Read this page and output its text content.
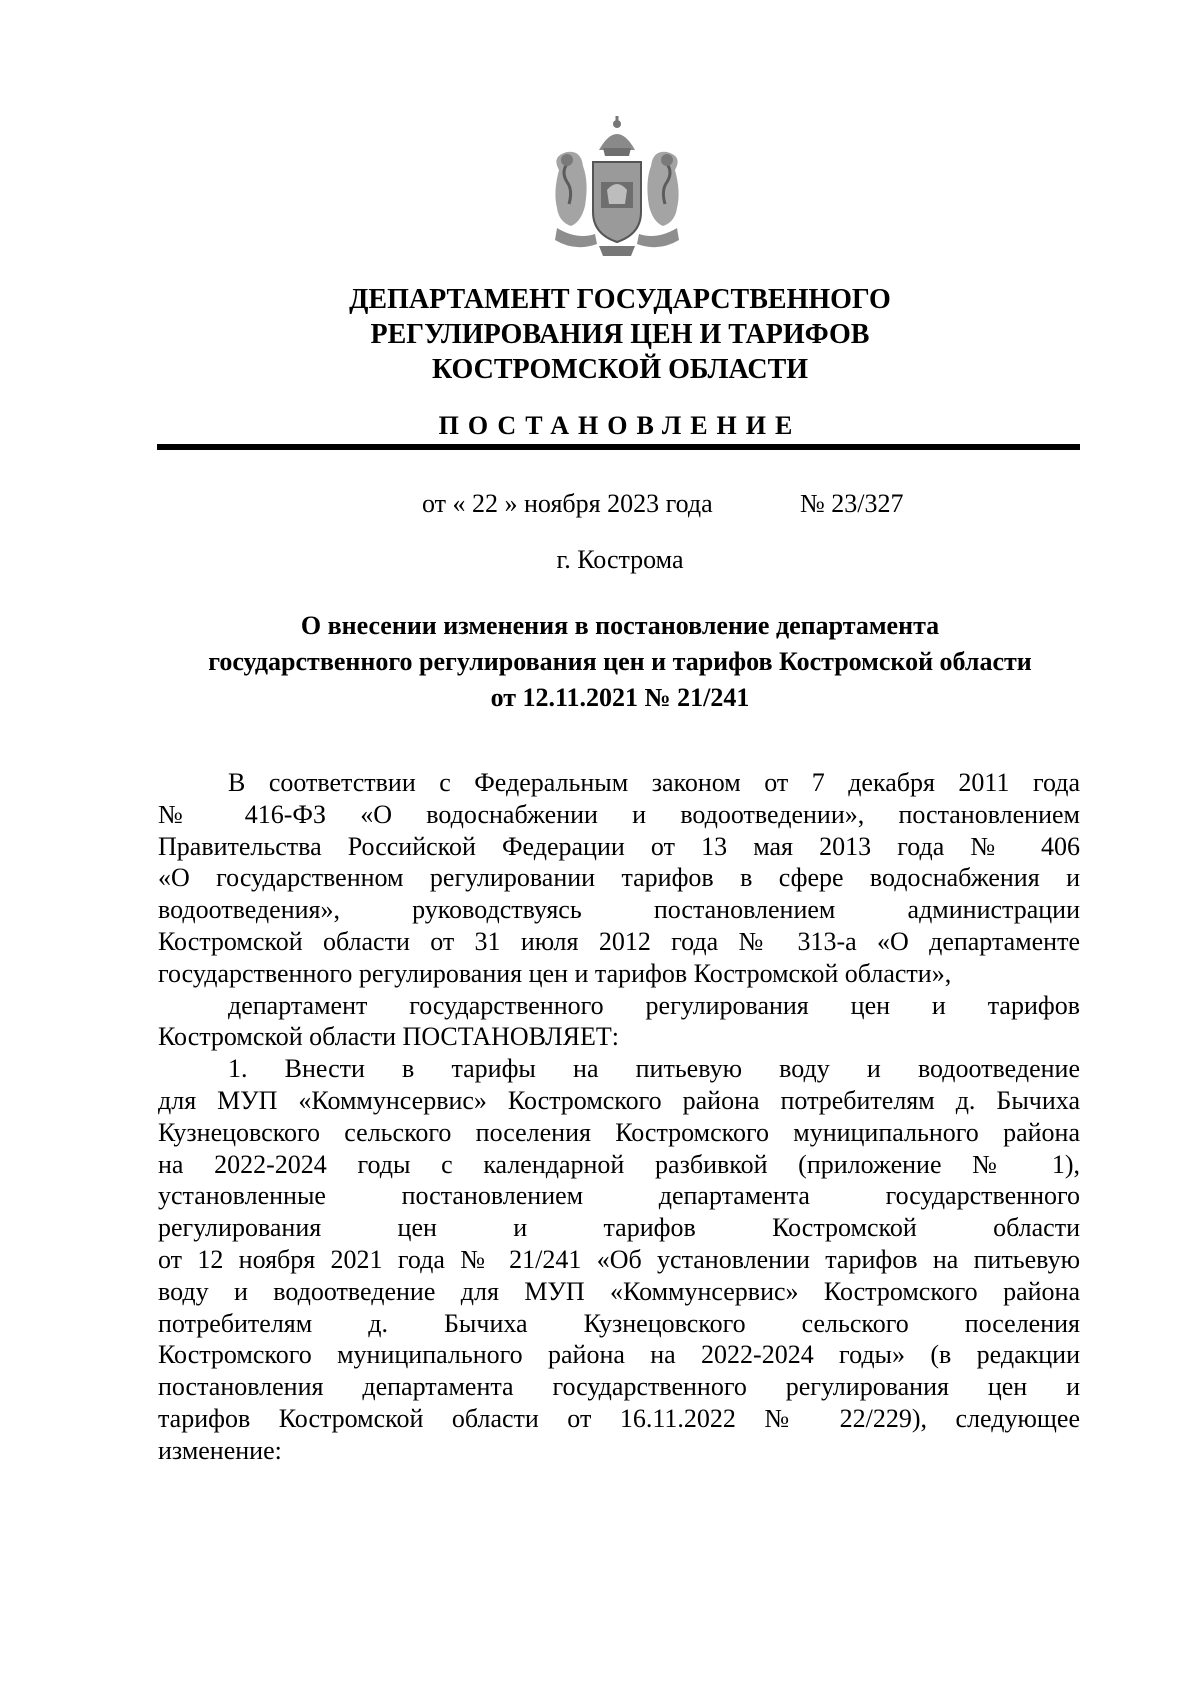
ДЕПАРТАМЕНТ ГОСУДАРСТВЕННОГО
РЕГУЛИРОВАНИЯ ЦЕН И ТАРИФОВ
КОСТРОМСКОЙ ОБЛАСТИ
ПОСТАНОВЛЕНИЕ
от « 22 » ноября 2023 года	№ 23/327
г. Кострома
О внесении изменения в постановление департамента
государственного регулирования цен и тарифов Костромской области
от 12.11.2021 № 21/241
В соответствии с Федеральным законом от 7 декабря 2011 года
№ 416-ФЗ «О водоснабжении и водоотведении», постановлением
Правительства Российской Федерации от 13 мая 2013 года № 406
«О государственном регулировании тарифов в сфере водоснабжения и
водоотведения», руководствуясь постановлением администрации
Костромской области от 31 июля 2012 года № 313-а «О департаменте
государственного регулирования цен и тарифов Костромской области»,
департамент государственного регулирования цен и тарифов
Костромской области ПОСТАНОВЛЯЕТ:
1. Внести в тарифы на питьевую воду и водоотведение
для МУП «Коммунсервис» Костромского района потребителям д. Бычиха
Кузнецовского сельского поселения Костромского муниципального района
на 2022-2024 годы с календарной разбивкой (приложение № 1),
установленные постановлением департамента государственного
регулирования цен и тарифов Костромской области
от 12 ноября 2021 года № 21/241 «Об установлении тарифов на питьевую
воду и водоотведение для МУП «Коммунсервис» Костромского района
потребителям д. Бычиха Кузнецовского сельского поселения
Костромского муниципального района на 2022-2024 годы» (в редакции
постановления департамента государственного регулирования цен и
тарифов Костромской области от 16.11.2022 № 22/229), следующее
изменение:
